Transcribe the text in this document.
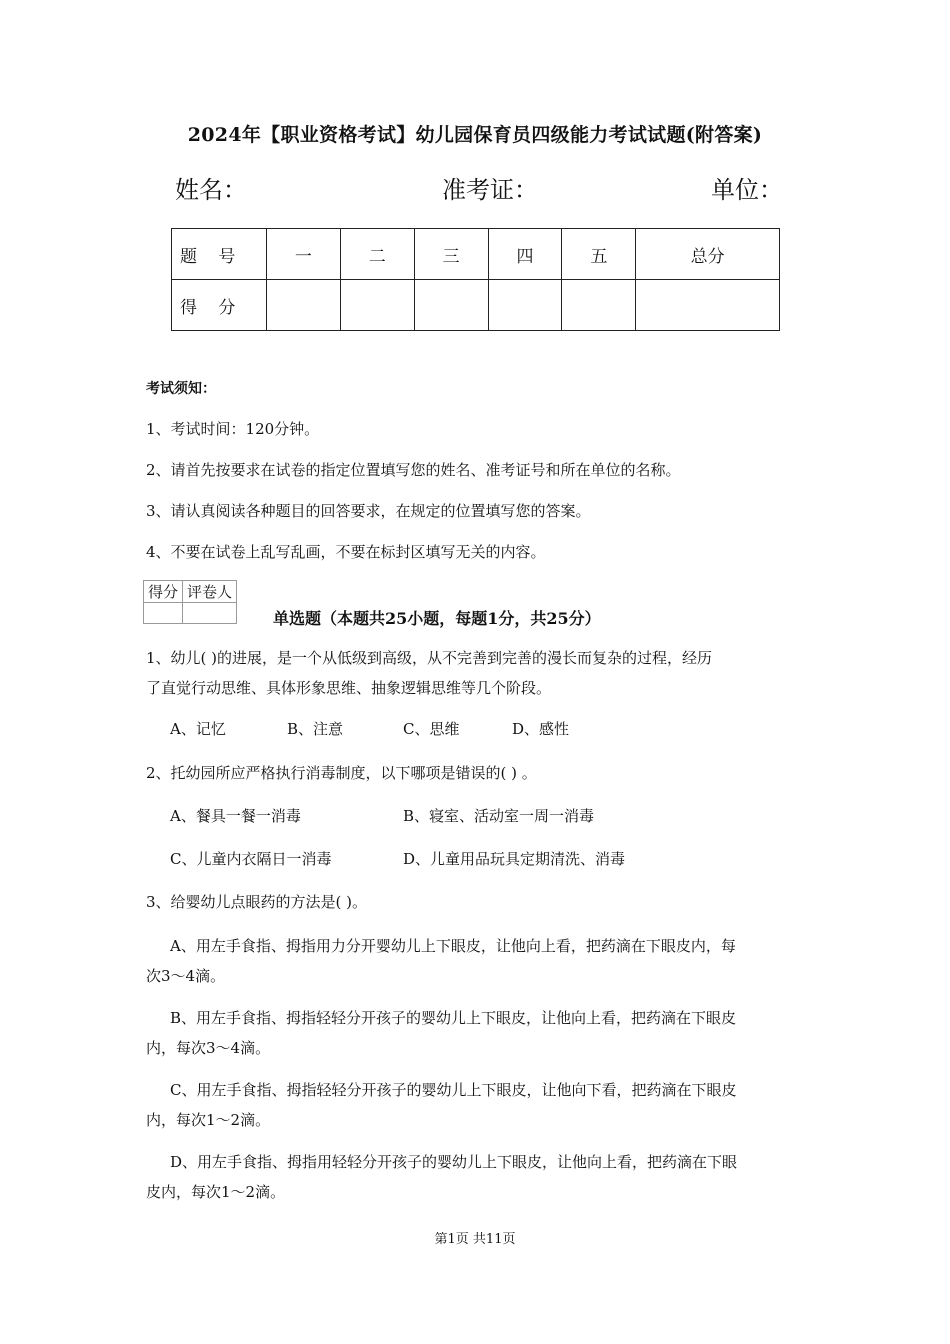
2024年【职业资格考试】幼儿园保育员四级能力考试试题(附答案)
姓名：	准考证：	单位：
题 号	一	二	三	四	五	总分
得 分						
考试须知：
1、考试时间：120分钟。
2、请首先按要求在试卷的指定位置填写您的姓名、准考证号和所在单位的名称。
3、请认真阅读各种题目的回答要求，在规定的位置填写您的答案。
4、不要在试卷上乱写乱画，不要在标封区填写无关的内容。
得分	评卷人

单选题（本题共25小题，每题1分，共25分）
1、幼儿( )的进展，是一个从低级到高级，从不完善到完善的漫长而复杂的过程，经历
了直觉行动思维、具体形象思维、抽象逻辑思维等几个阶段。
A、记忆	B、注意	C、思维	D、感性
2、托幼园所应严格执行消毒制度，以下哪项是错误的( ) 。
A、餐具一餐一消毒	B、寝室、活动室一周一消毒
C、儿童内衣隔日一消毒	D、儿童用品玩具定期清洗、消毒
3、给婴幼儿点眼药的方法是( )。
A、用左手食指、拇指用力分开婴幼儿上下眼皮，让他向上看，把药滴在下眼皮内，每
次3～4滴。
B、用左手食指、拇指轻轻分开孩子的婴幼儿上下眼皮，让他向上看，把药滴在下眼皮
内，每次3～4滴。
C、用左手食指、拇指轻轻分开孩子的婴幼儿上下眼皮，让他向下看，把药滴在下眼皮
内，每次1～2滴。
D、用左手食指、拇指用轻轻分开孩子的婴幼儿上下眼皮，让他向上看，把药滴在下眼
皮内，每次1～2滴。
第1页 共11页
